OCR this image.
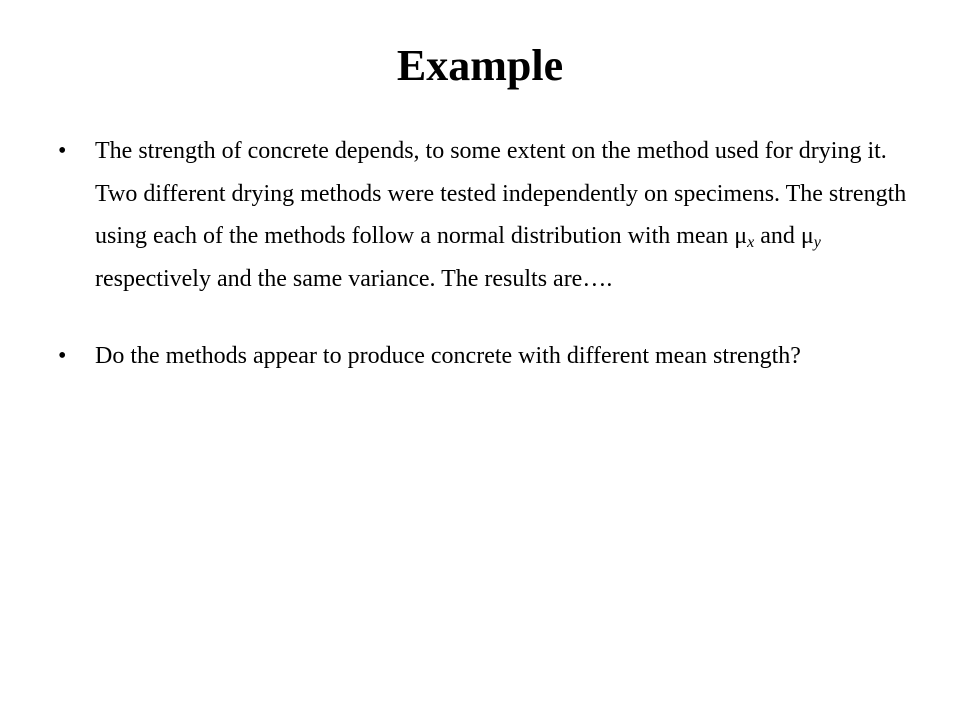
Example
• The strength of concrete depends, to some extent on the method used for drying it. Two different drying methods were tested independently on specimens. The strength using each of the methods follow a normal distribution with mean $\mu_x$ and $\mu_y$ respectively and the same variance. The results are….
• Do the methods appear to produce concrete with different mean strength?
